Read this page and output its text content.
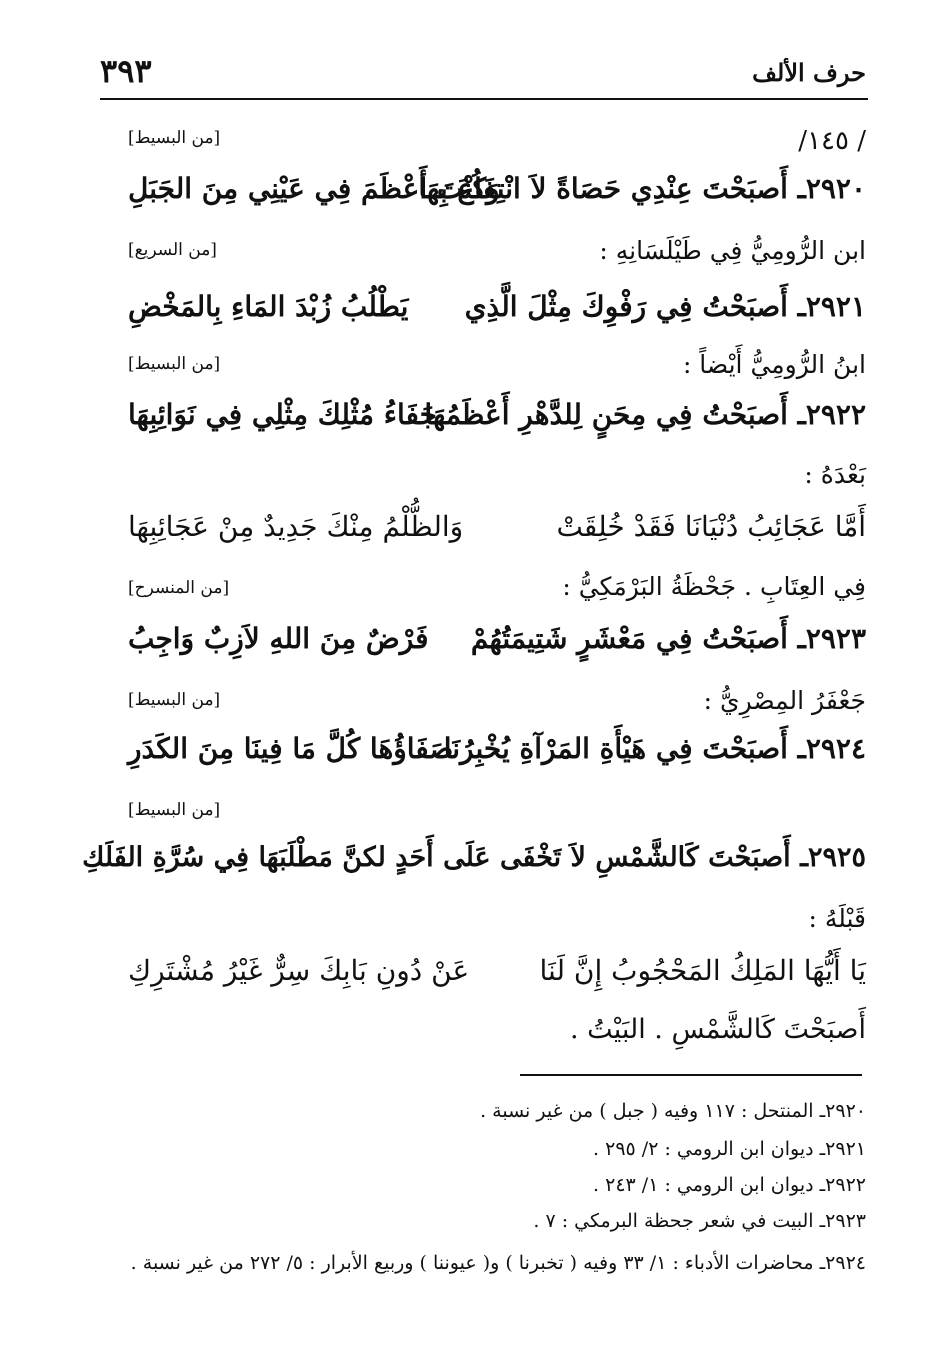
حرف الألف
٣٩٣
/ ١٤٥/
[من البسيط]
٢٩٢٠ـ أَصبَحْتَ عِنْدِي حَصَاةً لاَ انْتِفَاعَ بِهَا
وَكُنْتَ أَعْظَمَ فِي عَيْنِي مِنَ الجَبَلِ
ابن الرُّومِيُّ فِي طَيْلَسَانِهِ :
[من السريع]
٢٩٢١ـ أَصبَحْتُ فِي رَفْوِكَ مِثْلَ الَّذِي
يَطْلُبُ زُبْدَ المَاءِ بِالمَخْضِ
ابنُ الرُّومِيُّ أَيْضاً :
[من البسيط]
٢٩٢٢ـ أَصبَحْتُ فِي مِحَنٍ لِلدَّهْرِ أَعْظَمُهَا
جَفَاءُ مُثْلِكَ مِثْلِي فِي نَوَائِبِهَا
بَعْدَهُ :
أَمَّا عَجَائِبُ دُنْيَانَا فَقَدْ خُلِقَتْ
وَالظُّلْمُ مِنْكَ جَدِيدٌ مِنْ عَجَائِبِهَا
فِي العِتَابِ . جَحْظَةُ البَرْمَكِيُّ :
[من المنسرح]
٢٩٢٣ـ أَصبَحْتُ فِي مَعْشَرٍ شَتِيمَتُهُمْ
فَرْضٌ مِنَ اللهِ لاَزِبٌ وَاجِبُ
جَعْفَرُ المِصْرِيُّ :
[من البسيط]
٢٩٢٤ـ أَصبَحْتَ فِي هَيْأَةِ المَرْآةِ يُخْبِرُنَا
صَفَاؤُهَا كُلَّ مَا فِينَا مِنَ الكَدَرِ
[من البسيط]
٢٩٢٥ـ أَصبَحْتَ كَالشَّمْسِ لاَ تَخْفَى عَلَى أَحَدٍ لكنَّ مَطْلَبَهَا فِي سُرَّةِ الفَلَكِ
قَبْلَهُ :
يَا أَيُّهَا المَلِكُ المَحْجُوبُ إِنَّ لَنَا
عَنْ دُونِ بَابِكَ سِرٌّ غَيْرُ مُشْتَرِكِ
أَصبَحْتَ كَالشَّمْسِ . البَيْتُ .
٢٩٢٠ـ المنتحل : ١١٧ وفيه ( جبل ) من غير نسبة .
٢٩٢١ـ ديوان ابن الرومي : ٢/ ٢٩٥ .
٢٩٢٢ـ ديوان ابن الرومي : ١/ ٢٤٣ .
٢٩٢٣ـ البيت في شعر جحظة البرمكي : ٧ .
٢٩٢٤ـ محاضرات الأدباء : ١/ ٣٣ وفيه ( تخبرنا ) و( عيوننا ) وربيع الأبرار : ٥/ ٢٧٢ من غير نسبة .
